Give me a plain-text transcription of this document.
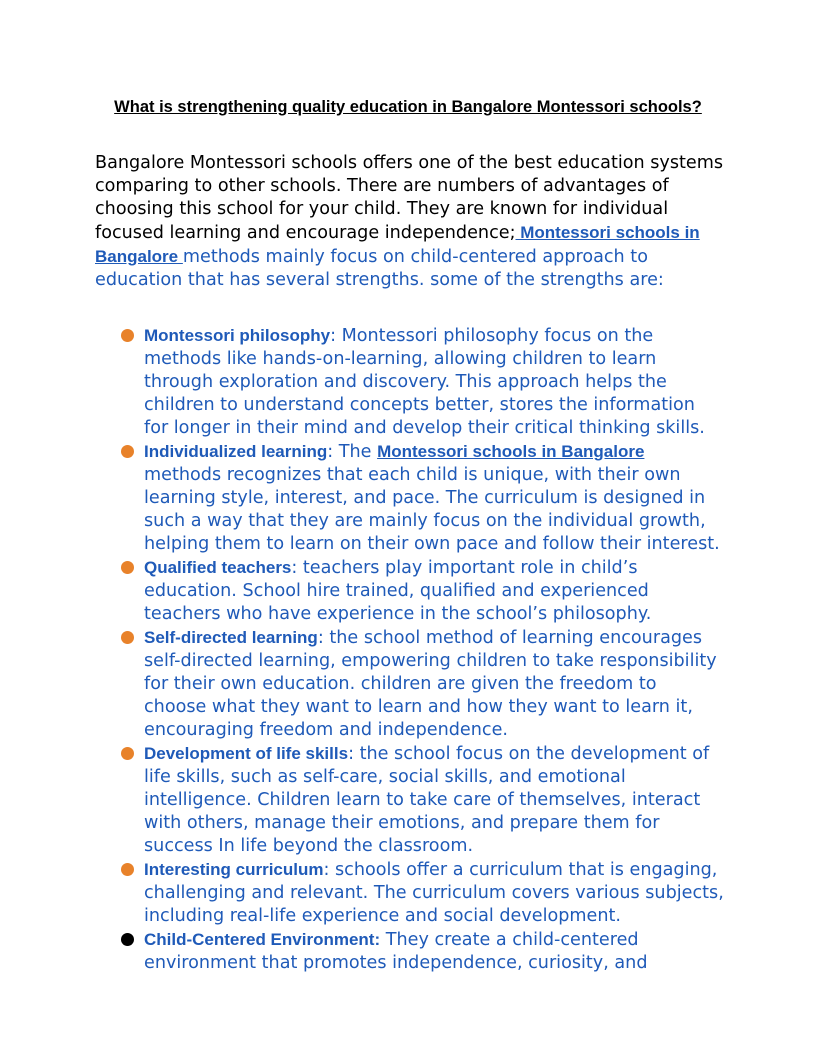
What is strengthening quality education in Bangalore Montessori schools?
Bangalore Montessori schools offers one of the best education systems comparing to other schools. There are numbers of advantages of choosing this school for your child. They are known for individual focused learning and encourage independence; Montessori schools in Bangalore methods mainly focus on child-centered approach to education that has several strengths. some of the strengths are:
Montessori philosophy: Montessori philosophy focus on the methods like hands-on-learning, allowing children to learn through exploration and discovery. This approach helps the children to understand concepts better, stores the information for longer in their mind and develop their critical thinking skills.
Individualized learning: The Montessori schools in Bangalore methods recognizes that each child is unique, with their own learning style, interest, and pace. The curriculum is designed in such a way that they are mainly focus on the individual growth, helping them to learn on their own pace and follow their interest.
Qualified teachers: teachers play important role in child’s education. School hire trained, qualified and experienced teachers who have experience in the school’s philosophy.
Self-directed learning: the school method of learning encourages self-directed learning, empowering children to take responsibility for their own education. children are given the freedom to choose what they want to learn and how they want to learn it, encouraging freedom and independence.
Development of life skills: the school focus on the development of life skills, such as self-care, social skills, and emotional intelligence. Children learn to take care of themselves, interact with others, manage their emotions, and prepare them for success In life beyond the classroom.
Interesting curriculum: schools offer a curriculum that is engaging, challenging and relevant. The curriculum covers various subjects, including real-life experience and social development.
Child-Centered Environment: They create a child-centered environment that promotes independence, curiosity, and
